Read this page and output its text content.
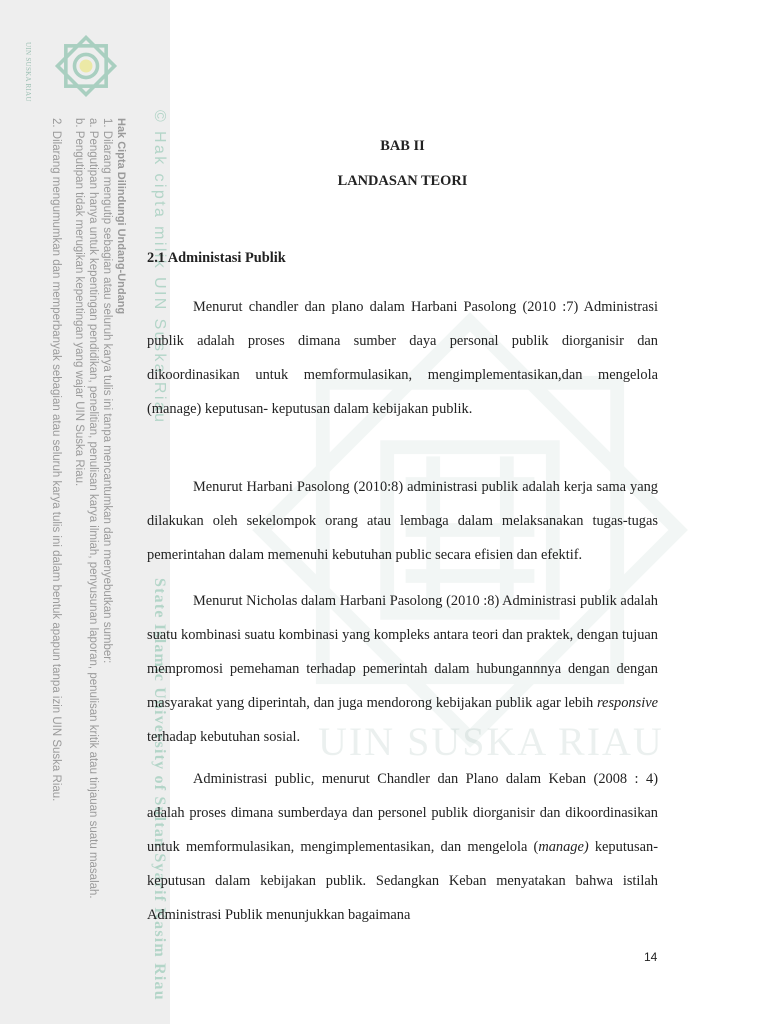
UIN SUSKA RIAU
Hak Cipta Dilindungi Undang-Undang
1. Dilarang mengutip sebagian atau seluruh karya tulis ini tanpa mencantumkan dan menyebutkan sumber:
a. Pengutipan hanya untuk kepentingan pendidikan, penelitian, penulisan karya ilmiah, penyusunan laporan, penulisan kritik atau tinjauan suatu masalah.
b. Pengutipan tidak merugikan kepentingan yang wajar UIN Suska Riau.
2. Dilarang mengumumkan dan memperbanyak sebagian atau seluruh karya tulis ini dalam bentuk apapun tanpa izin UIN Suska Riau.	© Hak cipta milik UIN Suska Riau
State Islamic University of Sultan Syarif Kasim Riau	UIN SUSKA RIAU

BAB II

LANDASAN TEORI

2.1 Administasi Publik

Menurut chandler dan plano dalam Harbani Pasolong (2010 :7) Administrasi publik adalah proses dimana sumber daya personal publik diorganisir dan dikoordinasikan untuk memformulasikan, mengimplementasikan,dan mengelola (manage) keputusan- keputusan dalam kebijakan publik.

Menurut Harbani Pasolong (2010:8) administrasi publik adalah kerja sama yang dilakukan oleh sekelompok orang atau lembaga dalam melaksanakan tugas-tugas pemerintahan dalam memenuhi kebutuhan public secara efisien dan efektif.

Menurut Nicholas dalam Harbani Pasolong (2010 :8) Administrasi publik adalah suatu kombinasi suatu kombinasi yang kompleks antara teori dan praktek, dengan tujuan mempromosi pemehaman terhadap pemerintah dalam hubungannnya dengan dengan masyarakat yang diperintah, dan juga mendorong kebijakan publik agar lebih responsive terhadap kebutuhan sosial.

Administrasi public, menurut Chandler dan Plano dalam Keban (2008 : 4) adalah proses dimana sumberdaya dan personel publik diorganisir dan dikoordinasikan untuk memformulasikan, mengimplementasikan, dan mengelola (manage) keputusan-keputusan dalam kebijakan publik. Sedangkan Keban menyatakan bahwa istilah Administrasi Publik menunjukkan bagaimana

14
